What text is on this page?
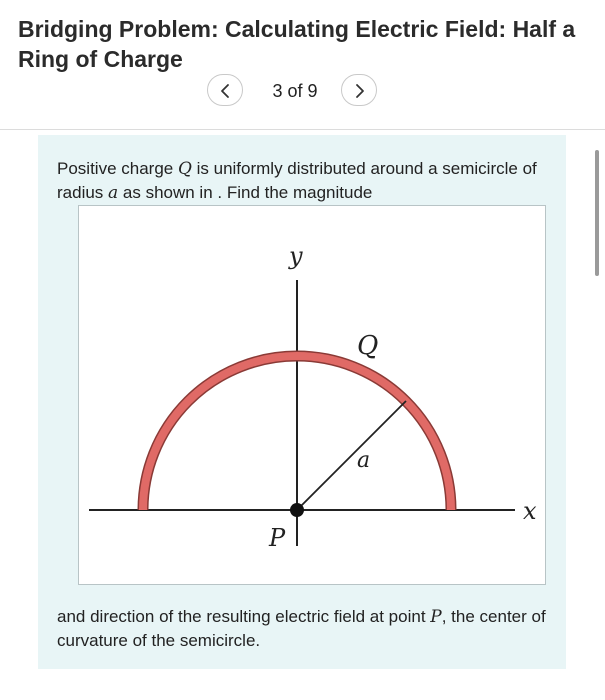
Bridging Problem: Calculating Electric Field: Half a Ring of Charge
3 of 9
Positive charge Q is uniformly distributed around a semicircle of radius a as shown in . Find the magnitude
y
x
Q
a
P
and direction of the resulting electric field at point P, the center of curvature of the semicircle.
